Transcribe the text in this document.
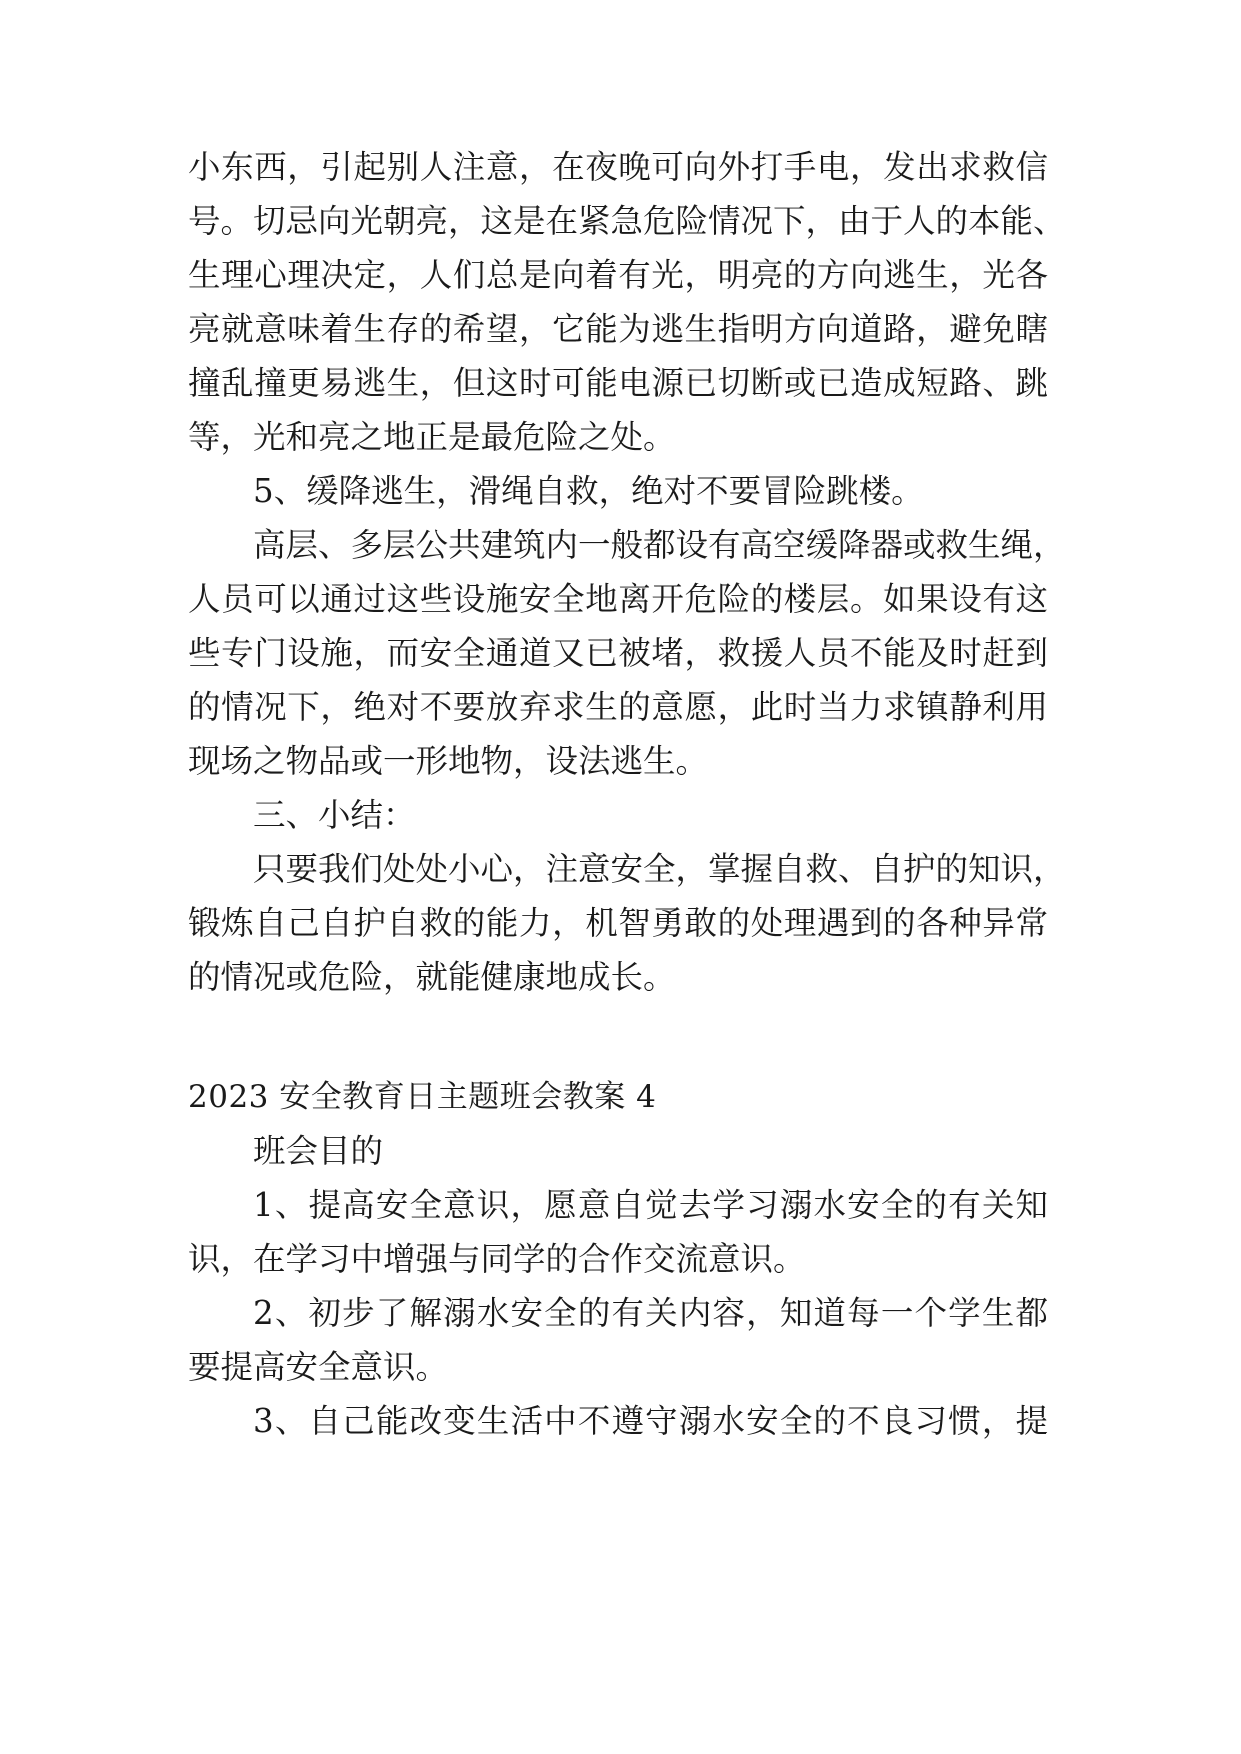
小东西，引起别人注意，在夜晚可向外打手电，发出求救信
号。切忌向光朝亮，这是在紧急危险情况下，由于人的本能、
生理心理决定，人们总是向着有光，明亮的方向逃生，光各
亮就意味着生存的希望，它能为逃生指明方向道路，避免瞎
撞乱撞更易逃生，但这时可能电源已切断或已造成短路、跳
等，光和亮之地正是最危险之处。
5、缓降逃生，滑绳自救，绝对不要冒险跳楼。
高层、多层公共建筑内一般都设有高空缓降器或救生绳，
人员可以通过这些设施安全地离开危险的楼层。如果设有这
些专门设施，而安全通道又已被堵，救援人员不能及时赶到
的情况下，绝对不要放弃求生的意愿，此时当力求镇静利用
现场之物品或一形地物，设法逃生。
三、小结：
只要我们处处小心，注意安全，掌握自救、自护的知识，
锻炼自己自护自救的能力，机智勇敢的处理遇到的各种异常
的情况或危险，就能健康地成长。
2023 安全教育日主题班会教案 4
班会目的
1、提高安全意识，愿意自觉去学习溺水安全的有关知
识，在学习中增强与同学的合作交流意识。
2、初步了解溺水安全的有关内容，知道每一个学生都
要提高安全意识。
3、自己能改变生活中不遵守溺水安全的不良习惯，提
